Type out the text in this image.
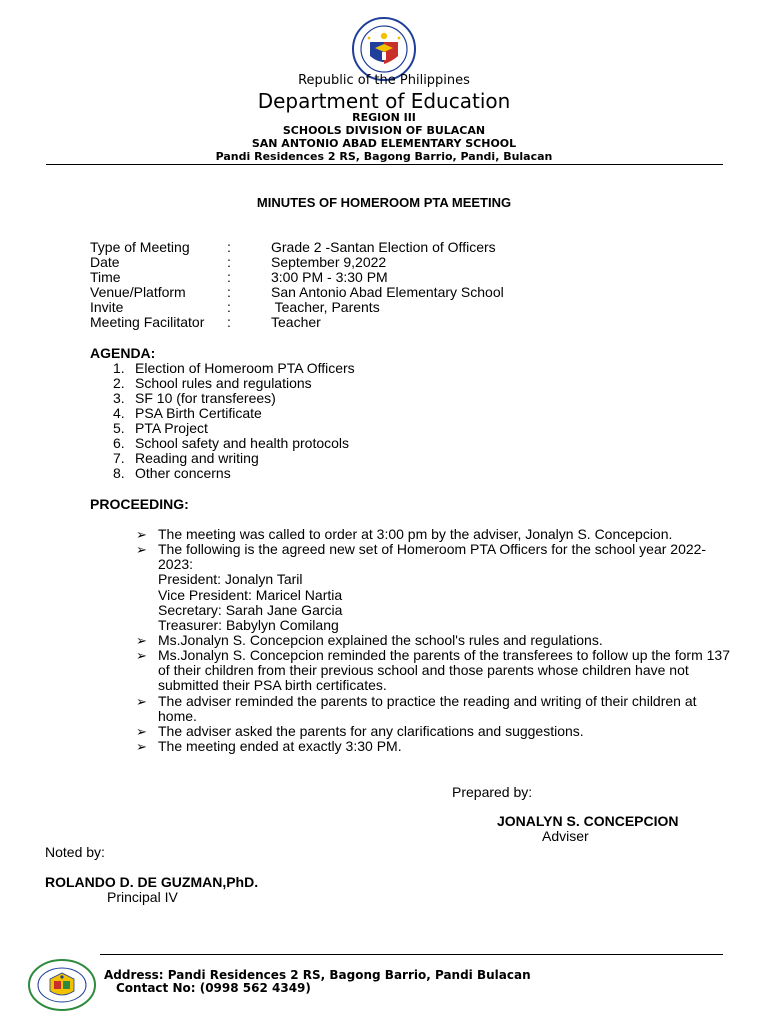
Republic of the Philippines
Department of Education
REGION III
SCHOOLS DIVISION OF BULACAN
SAN ANTONIO ABAD ELEMENTARY SCHOOL
Pandi Residences 2 RS, Bagong Barrio, Pandi, Bulacan
MINUTES OF HOMEROOM PTA MEETING
Type of Meeting	:	Grade 2 -Santan Election of Officers
Date	:	September 9,2022
Time	:	3:00 PM - 3:30 PM
Venue/Platform	:	San Antonio Abad Elementary School
Invite	:	Teacher, Parents
Meeting Facilitator :	Teacher
AGENDA:
1. Election of Homeroom PTA Officers
2. School rules and regulations
3. SF 10 (for transferees)
4. PSA Birth Certificate
5. PTA Project
6. School safety and health protocols
7. Reading and writing
8. Other concerns
PROCEEDING:
➢ The meeting was called to order at 3:00 pm by the adviser, Jonalyn S. Concepcion.
➢ The following is the agreed new set of Homeroom PTA Officers for the school year 2022-2023:
President: Jonalyn Taril
Vice President: Maricel Nartia
Secretary: Sarah Jane Garcia
Treasurer: Babylyn Comilang
➢ Ms.Jonalyn S. Concepcion explained the school's rules and regulations.
➢ Ms.Jonalyn S. Concepcion reminded the parents of the transferees to follow up the form 137 of their children from their previous school and those parents whose children have not submitted their PSA birth certificates.
➢ The adviser reminded the parents to practice the reading and writing of their children at home.
➢ The adviser asked the parents for any clarifications and suggestions.
➢ The meeting ended at exactly 3:30 PM.
Prepared by:
JONALYN S. CONCEPCION
Adviser
Noted by:
ROLANDO D. DE GUZMAN,PhD.
Principal IV
Address: Pandi Residences 2 RS, Bagong Barrio, Pandi Bulacan
Contact No: (0998 562 4349)
